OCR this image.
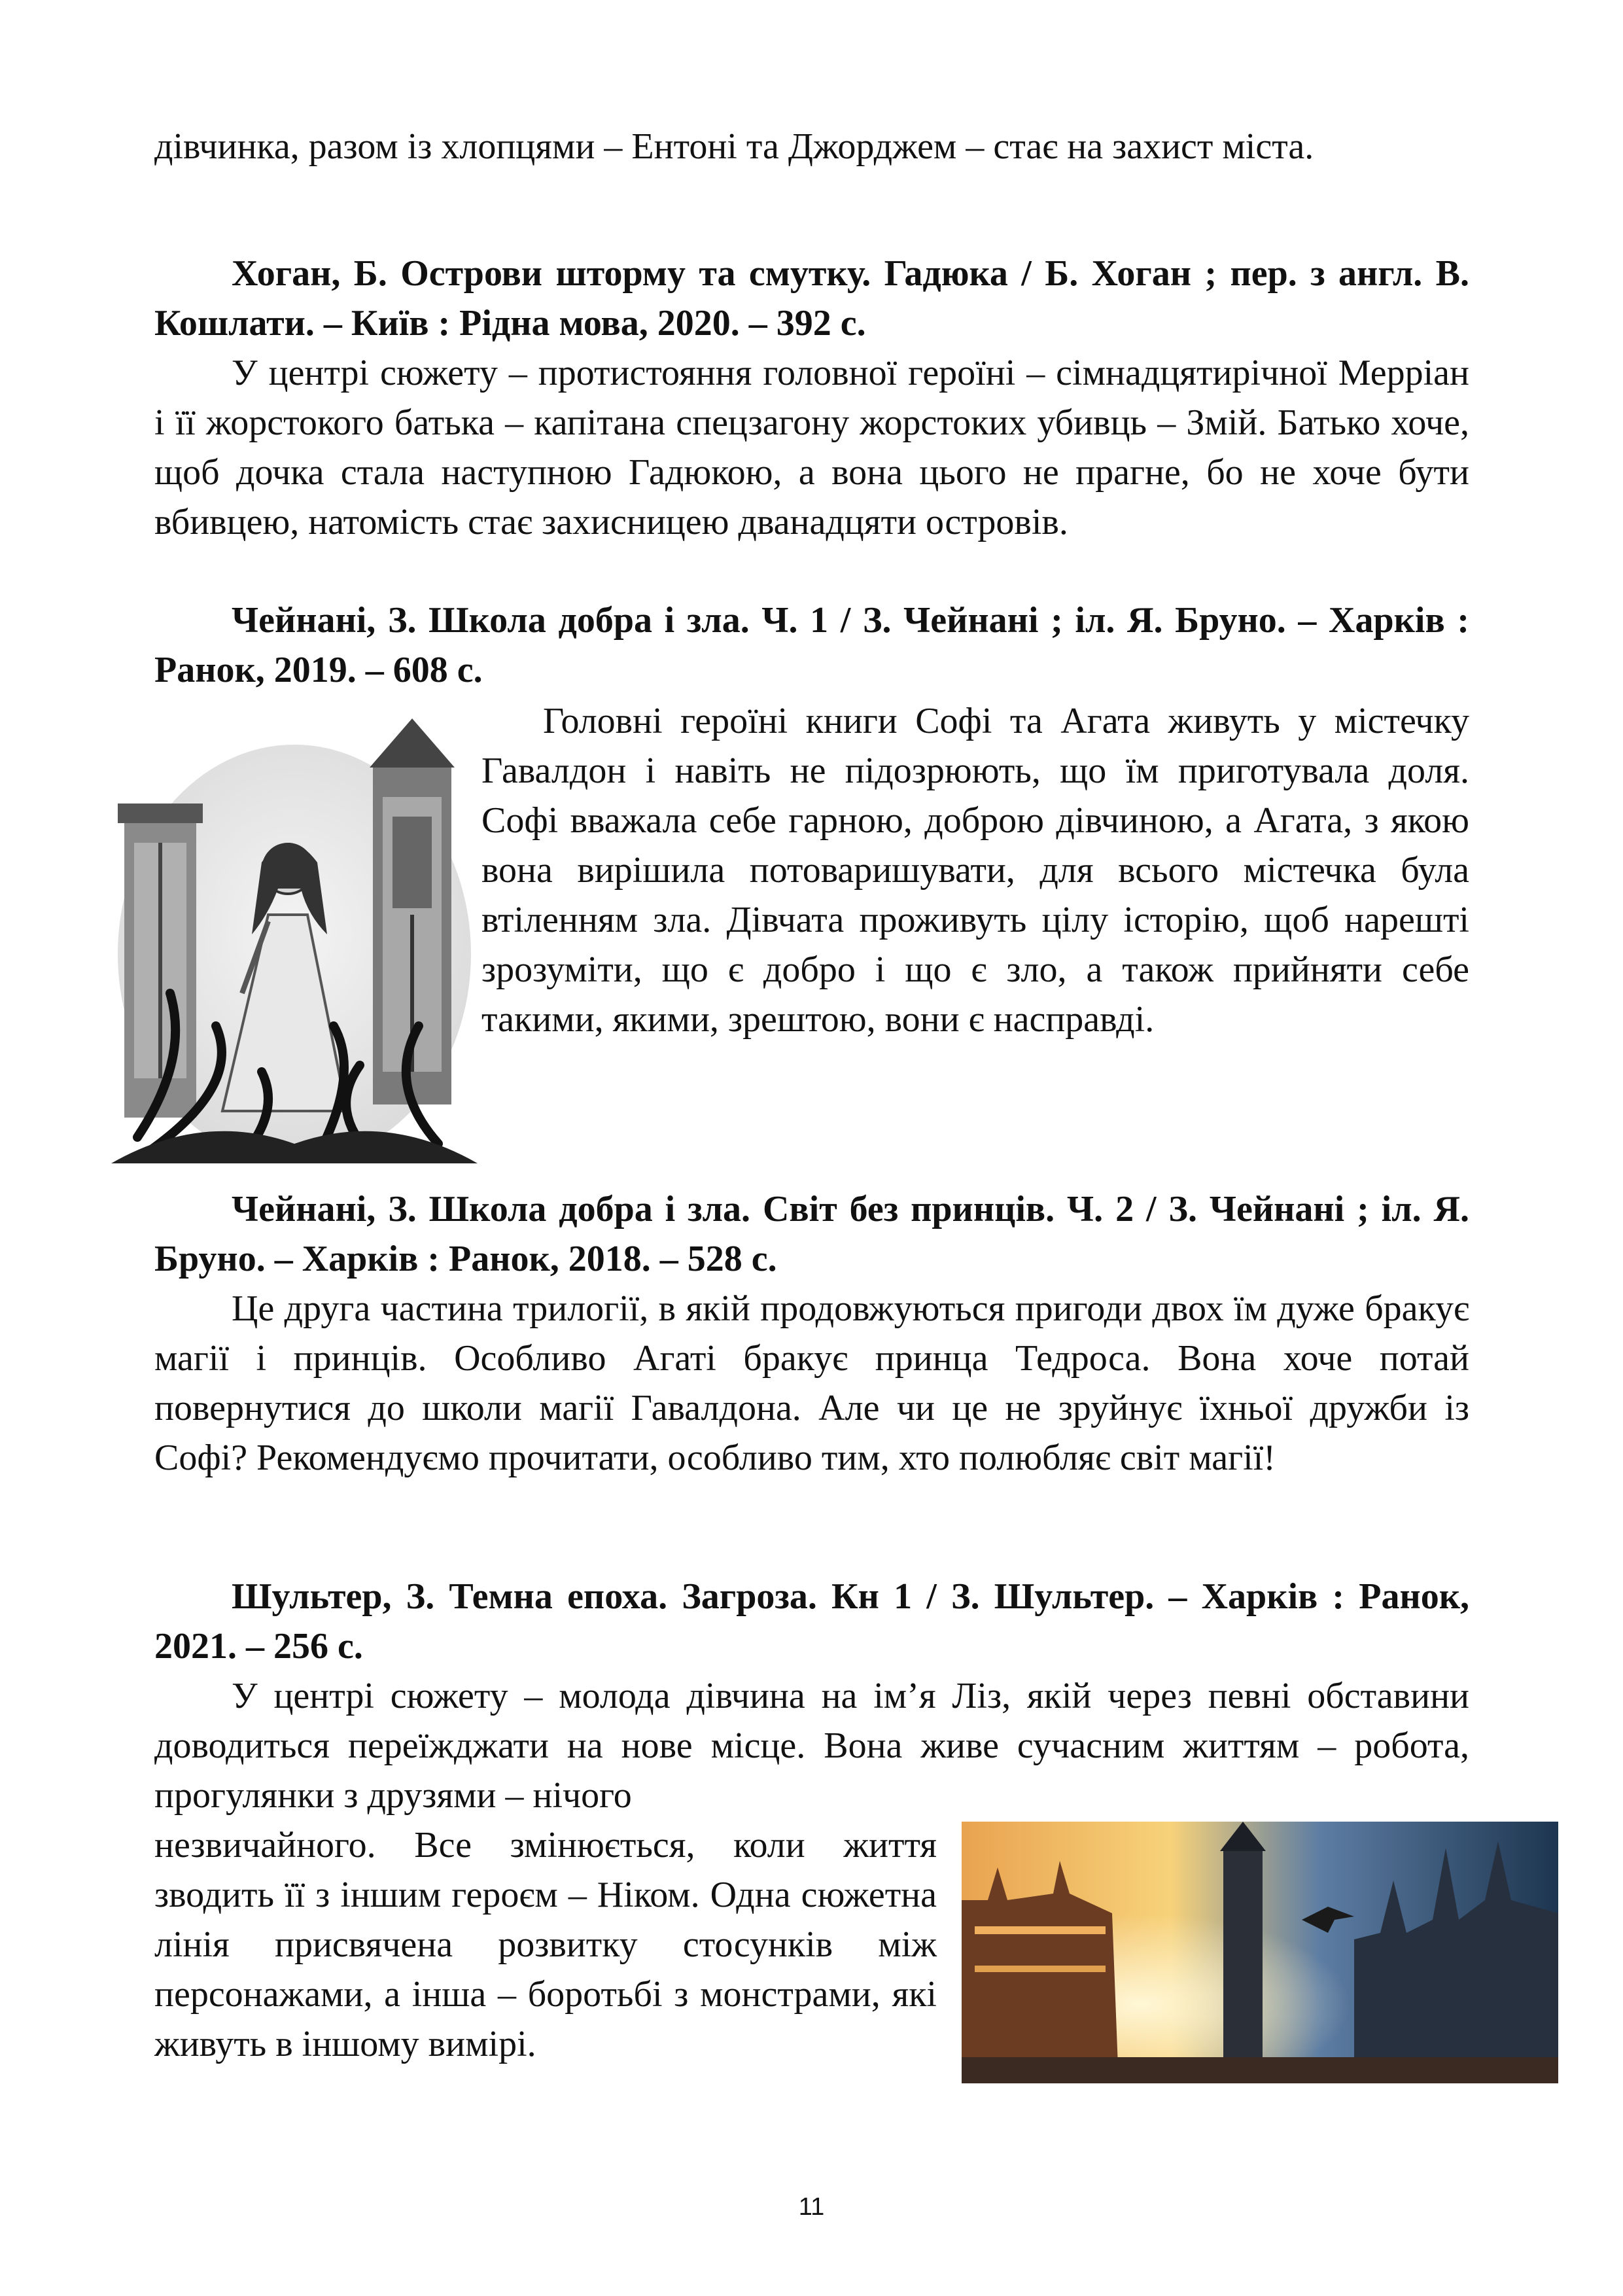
дівчинка, разом із хлопцями – Ентоні та Джорджем – стає на захист міста.

Хоган, Б. Острови шторму та смутку. Гадюка / Б. Хоган ; пер. з англ. В. Кошлати. – Київ : Рідна мова, 2020. – 392 с.

У центрі сюжету – протистояння головної героїні – сімнадцятирічної Мерріан і її жорстокого батька – капітана спецзагону жорстоких убивць – Змій. Батько хоче, щоб дочка стала наступною Гадюкою, а вона цього не прагне, бо не хоче бути вбивцею, натомість стає захисницею дванадцяти островів.

Чейнані, З. Школа добра і зла. Ч. 1 / З. Чейнані ; іл. Я. Бруно. – Харків : Ранок, 2019. – 608 с.

Головні героїні книги Софі та Агата живуть у містечку Гавалдон і навіть не підозрюють, що їм приготувала доля. Софі вважала себе гарною, доброю дівчиною, а Агата, з якою вона вирішила потоваришувати, для всього містечка була втіленням зла. Дівчата проживуть цілу історію, щоб нарешті зрозуміти, що є добро і що є зло, а також прийняти себе такими, якими, зрештою, вони є насправді.

Чейнані, З. Школа добра і зла. Світ без принців. Ч. 2 / З. Чейнані ; іл. Я. Бруно. – Харків : Ранок, 2018. – 528 с.

Це друга частина трилогії, в якій продовжуються пригоди двох їм дуже бракує магії і принців. Особливо Агаті бракує принца Тедроса. Вона хоче потай повернутися до школи магії Гавалдона. Але чи це не зруйнує їхньої дружби із Софі? Рекомендуємо прочитати, особливо тим, хто полюбляє світ магії!

Шультер, З. Темна епоха. Загроза. Кн 1 / З. Шультер. – Харків : Ранок, 2021. – 256 с.

У центрі сюжету – молода дівчина на ім’я Ліз, якій через певні обставини доводиться переїжджати на нове місце. Вона живе сучасним життям – робота, прогулянки з друзями – нічого

незвичайного. Все змінюється, коли життя зводить її з іншим героєм – Ніком. Одна сюжетна лінія присвячена розвитку стосунків між персонажами, а інша – боротьбі з монстрами, які живуть в іншому вимірі.

11
